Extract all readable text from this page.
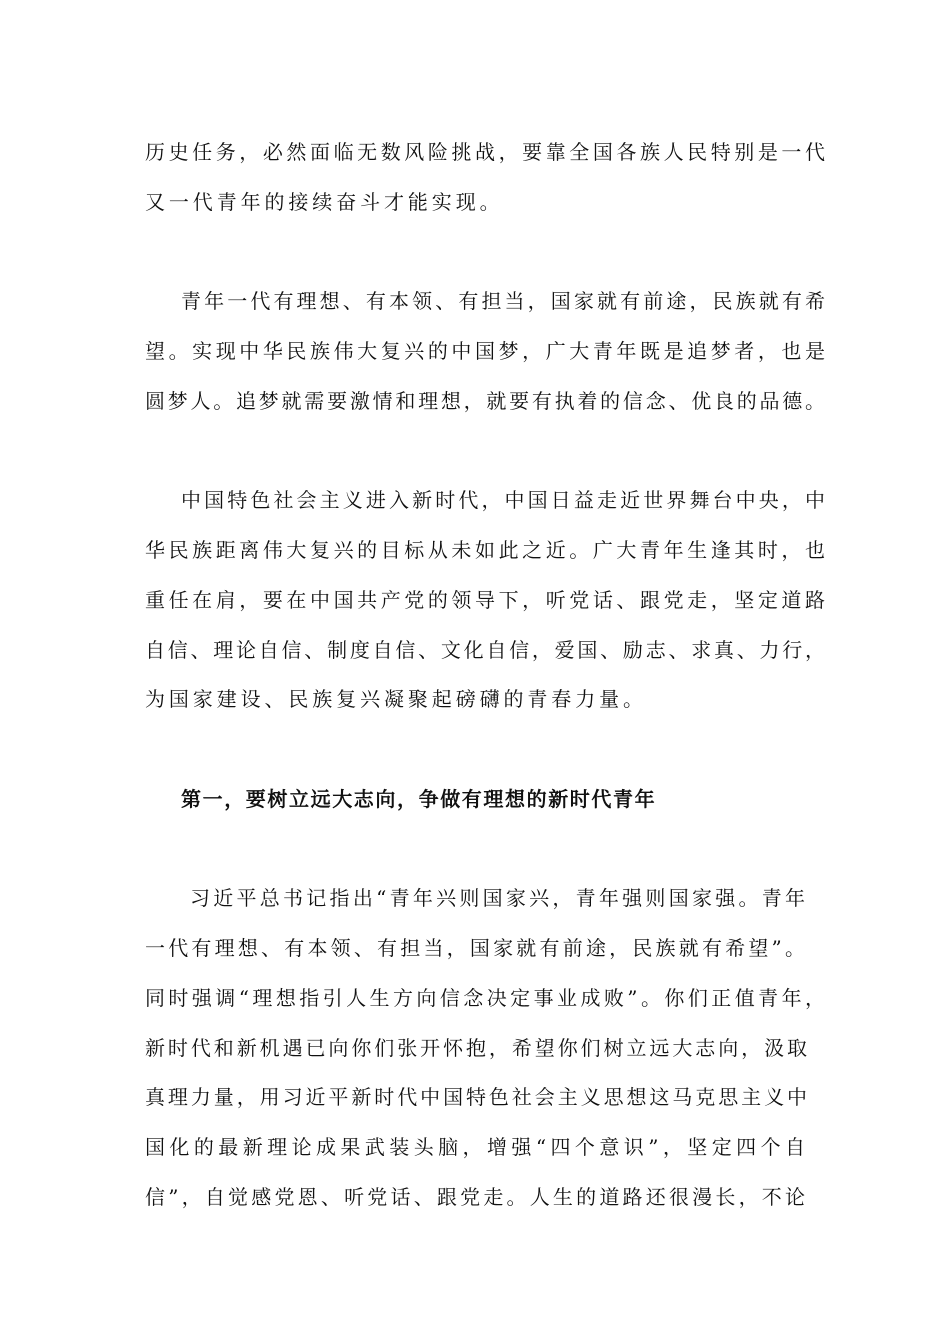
历史任务，必然面临无数风险挑战，要靠全国各族人民特别是一代
又一代青年的接续奋斗才能实现。
青年一代有理想、有本领、有担当，国家就有前途，民族就有希
望。实现中华民族伟大复兴的中国梦，广大青年既是追梦者，也是
圆梦人。追梦就需要激情和理想，就要有执着的信念、优良的品德。
中国特色社会主义进入新时代，中国日益走近世界舞台中央，中
华民族距离伟大复兴的目标从未如此之近。广大青年生逢其时，也
重任在肩，要在中国共产党的领导下，听党话、跟党走，坚定道路
自信、理论自信、制度自信、文化自信，爱国、励志、求真、力行，
为国家建设、民族复兴凝聚起磅礴的青春力量。
第一，要树立远大志向，争做有理想的新时代青年
习近平总书记指出“青年兴则国家兴，青年强则国家强。青年
一代有理想、有本领、有担当，国家就有前途，民族就有希望”。
同时强调“理想指引人生方向信念决定事业成败”。你们正值青年，
新时代和新机遇已向你们张开怀抱，希望你们树立远大志向，汲取
真理力量，用习近平新时代中国特色社会主义思想这马克思主义中
国化的最新理论成果武装头脑，增强“四个意识”，坚定四个自
信”，自觉感党恩、听党话、跟党走。人生的道路还很漫长，不论
